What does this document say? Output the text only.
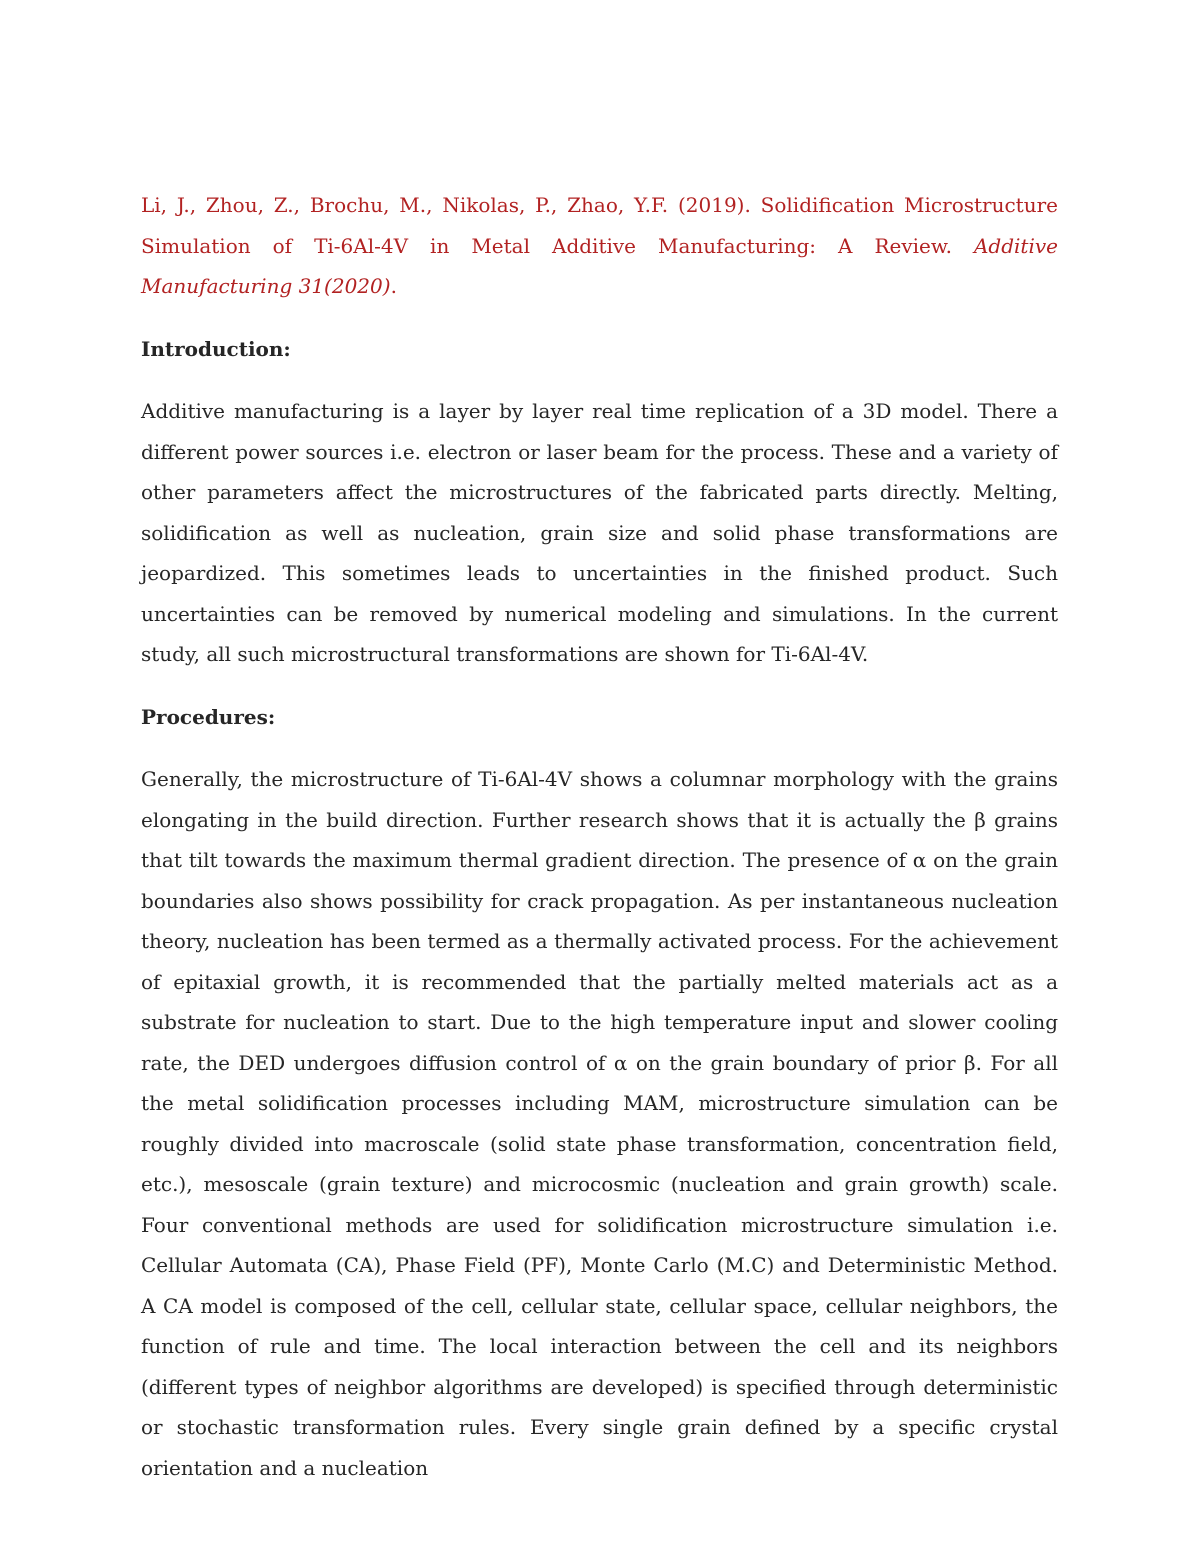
Li, J., Zhou, Z., Brochu, M., Nikolas, P., Zhao, Y.F. (2019). Solidification Microstructure Simulation of Ti-6Al-4V in Metal Additive Manufacturing: A Review. Additive Manufacturing 31(2020).

Introduction:

Additive manufacturing is a layer by layer real time replication of a 3D model. There a different power sources i.e. electron or laser beam for the process. These and a variety of other parameters affect the microstructures of the fabricated parts directly. Melting, solidification as well as nucleation, grain size and solid phase transformations are jeopardized. This sometimes leads to uncertainties in the finished product. Such uncertainties can be removed by numerical modeling and simulations. In the current study, all such microstructural transformations are shown for Ti-6Al-4V.

Procedures:

Generally, the microstructure of Ti-6Al-4V shows a columnar morphology with the grains elongating in the build direction. Further research shows that it is actually the β grains that tilt towards the maximum thermal gradient direction. The presence of α on the grain boundaries also shows possibility for crack propagation. As per instantaneous nucleation theory, nucleation has been termed as a thermally activated process. For the achievement of epitaxial growth, it is recommended that the partially melted materials act as a substrate for nucleation to start. Due to the high temperature input and slower cooling rate, the DED undergoes diffusion control of α on the grain boundary of prior β. For all the metal solidification processes including MAM, microstructure simulation can be roughly divided into macroscale (solid state phase transformation, concentration field, etc.), mesoscale (grain texture) and microcosmic (nucleation and grain growth) scale. Four conventional methods are used for solidification microstructure simulation i.e. Cellular Automata (CA), Phase Field (PF), Monte Carlo (M.C) and Deterministic Method. A CA model is composed of the cell, cellular state, cellular space, cellular neighbors, the function of rule and time. The local interaction between the cell and its neighbors (different types of neighbor algorithms are developed) is specified through deterministic or stochastic transformation rules. Every single grain defined by a specific crystal orientation and a nucleation
